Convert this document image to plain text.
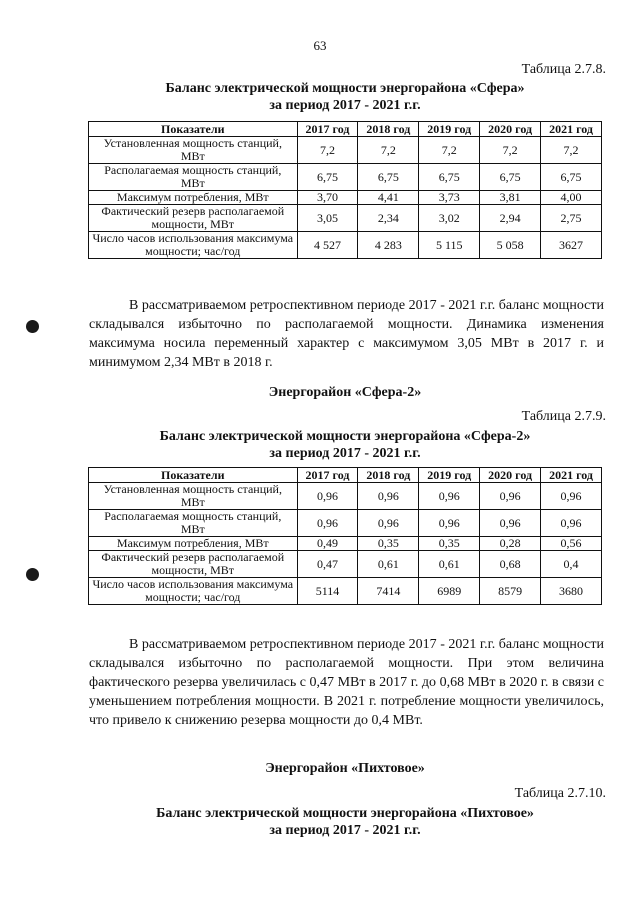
63
Таблица 2.7.8.
Баланс электрической мощности энергорайона «Сфера»
за период 2017 - 2021 г.г.
Показатели	2017 год	2018 год	2019 год	2020 год	2021 год
Установленная мощность станций, МВт	7,2	7,2	7,2	7,2	7,2
Располагаемая мощность станций, МВт	6,75	6,75	6,75	6,75	6,75
Максимум потребления, МВт	3,70	4,41	3,73	3,81	4,00
Фактический резерв располагаемой мощности, МВт	3,05	2,34	3,02	2,94	2,75
Число часов использования максимума мощности; час/год	4 527	4 283	5 115	5 058	3627

В рассматриваемом ретроспективном периоде 2017 - 2021 г.г. баланс мощности складывался избыточно по располагаемой мощности. Динамика изменения максимума носила переменный характер с максимумом 3,05 МВт в 2017 г. и минимумом 2,34 МВт в 2018 г.

Энергорайон «Сфера-2»
Таблица 2.7.9.
Баланс электрической мощности энергорайона «Сфера-2»
за период 2017 - 2021 г.г.
Показатели	2017 год	2018 год	2019 год	2020 год	2021 год
Установленная мощность станций, МВт	0,96	0,96	0,96	0,96	0,96
Располагаемая мощность станций, МВт	0,96	0,96	0,96	0,96	0,96
Максимум потребления, МВт	0,49	0,35	0,35	0,28	0,56
Фактический резерв располагаемой мощности, МВт	0,47	0,61	0,61	0,68	0,4
Число часов использования максимума мощности; час/год	5114	7414	6989	8579	3680

В рассматриваемом ретроспективном периоде 2017 - 2021 г.г. баланс мощности складывался избыточно по располагаемой мощности. При этом величина фактического резерва увеличилась с 0,47 МВт в 2017 г. до 0,68 МВт в 2020 г. в связи с уменьшением потребления мощности. В 2021 г. потребление мощности увеличилось, что привело к снижению резерва мощности до 0,4 МВт.

Энергорайон «Пихтовое»
Таблица 2.7.10.
Баланс электрической мощности энергорайона «Пихтовое»
за период 2017 - 2021 г.г.
